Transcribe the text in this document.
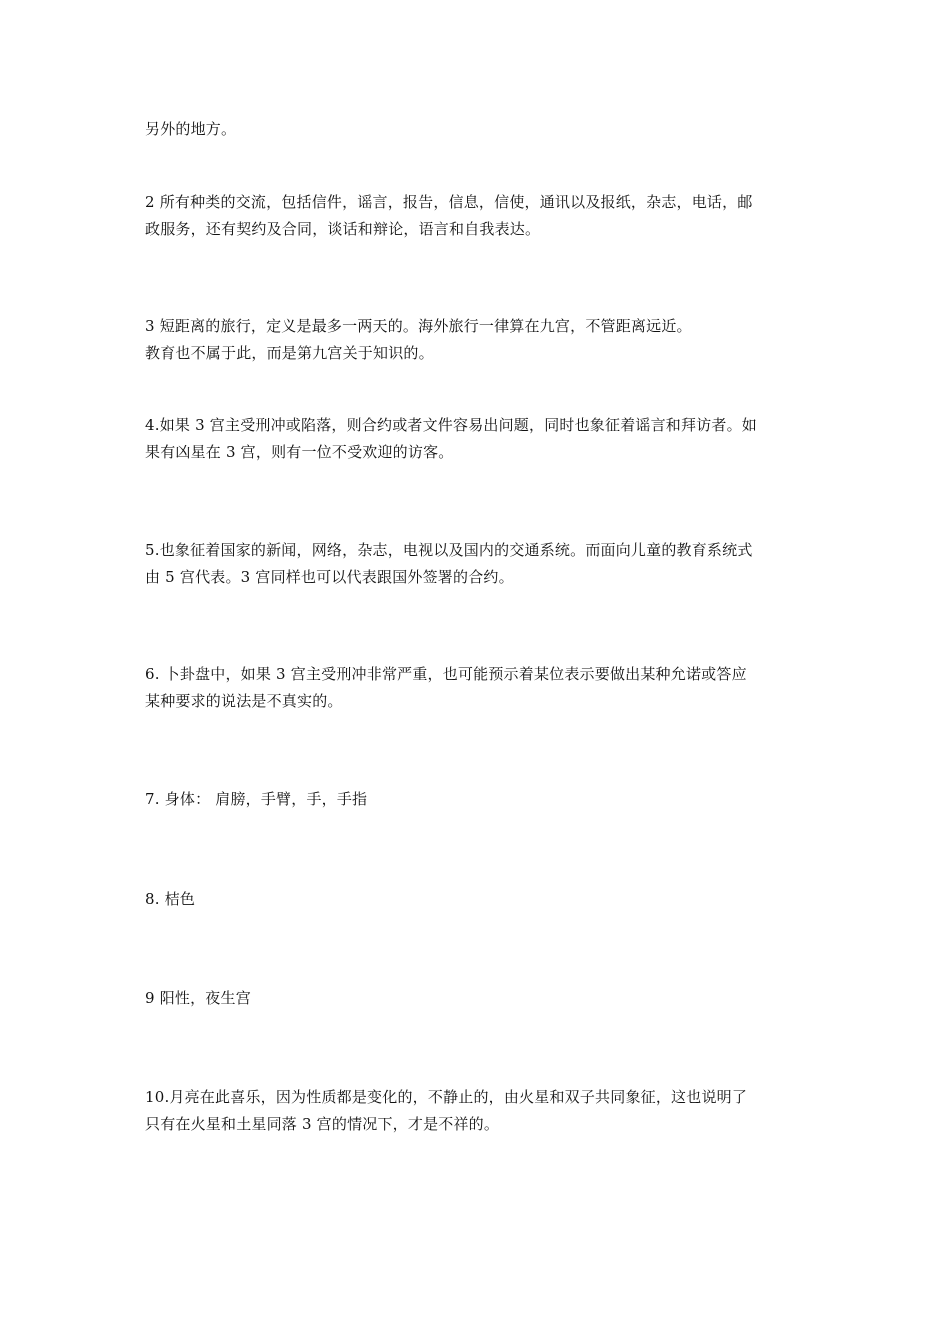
另外的地方。

2 所有种类的交流，包括信件，谣言，报告，信息，信使，通讯以及报纸，杂志，电话，邮
政服务，还有契约及合同，谈话和辩论，语言和自我表达。

3 短距离的旅行，定义是最多一两天的。海外旅行一律算在九宫，不管距离远近。
教育也不属于此，而是第九宫关于知识的。

4.如果 3 宫主受刑冲或陷落，则合约或者文件容易出问题，同时也象征着谣言和拜访者。如
果有凶星在 3 宫，则有一位不受欢迎的访客。

5.也象征着国家的新闻，网络，杂志，电视以及国内的交通系统。而面向儿童的教育系统式
由 5 宫代表。3 宫同样也可以代表跟国外签署的合约。

6. 卜卦盘中，如果 3 宫主受刑冲非常严重，也可能预示着某位表示要做出某种允诺或答应
某种要求的说法是不真实的。

7. 身体： 肩膀，手臂，手，手指

8. 桔色

9 阳性，夜生宫

10.月亮在此喜乐，因为性质都是变化的，不静止的，由火星和双子共同象征，这也说明了
只有在火星和土星同落 3 宫的情况下，才是不祥的。
